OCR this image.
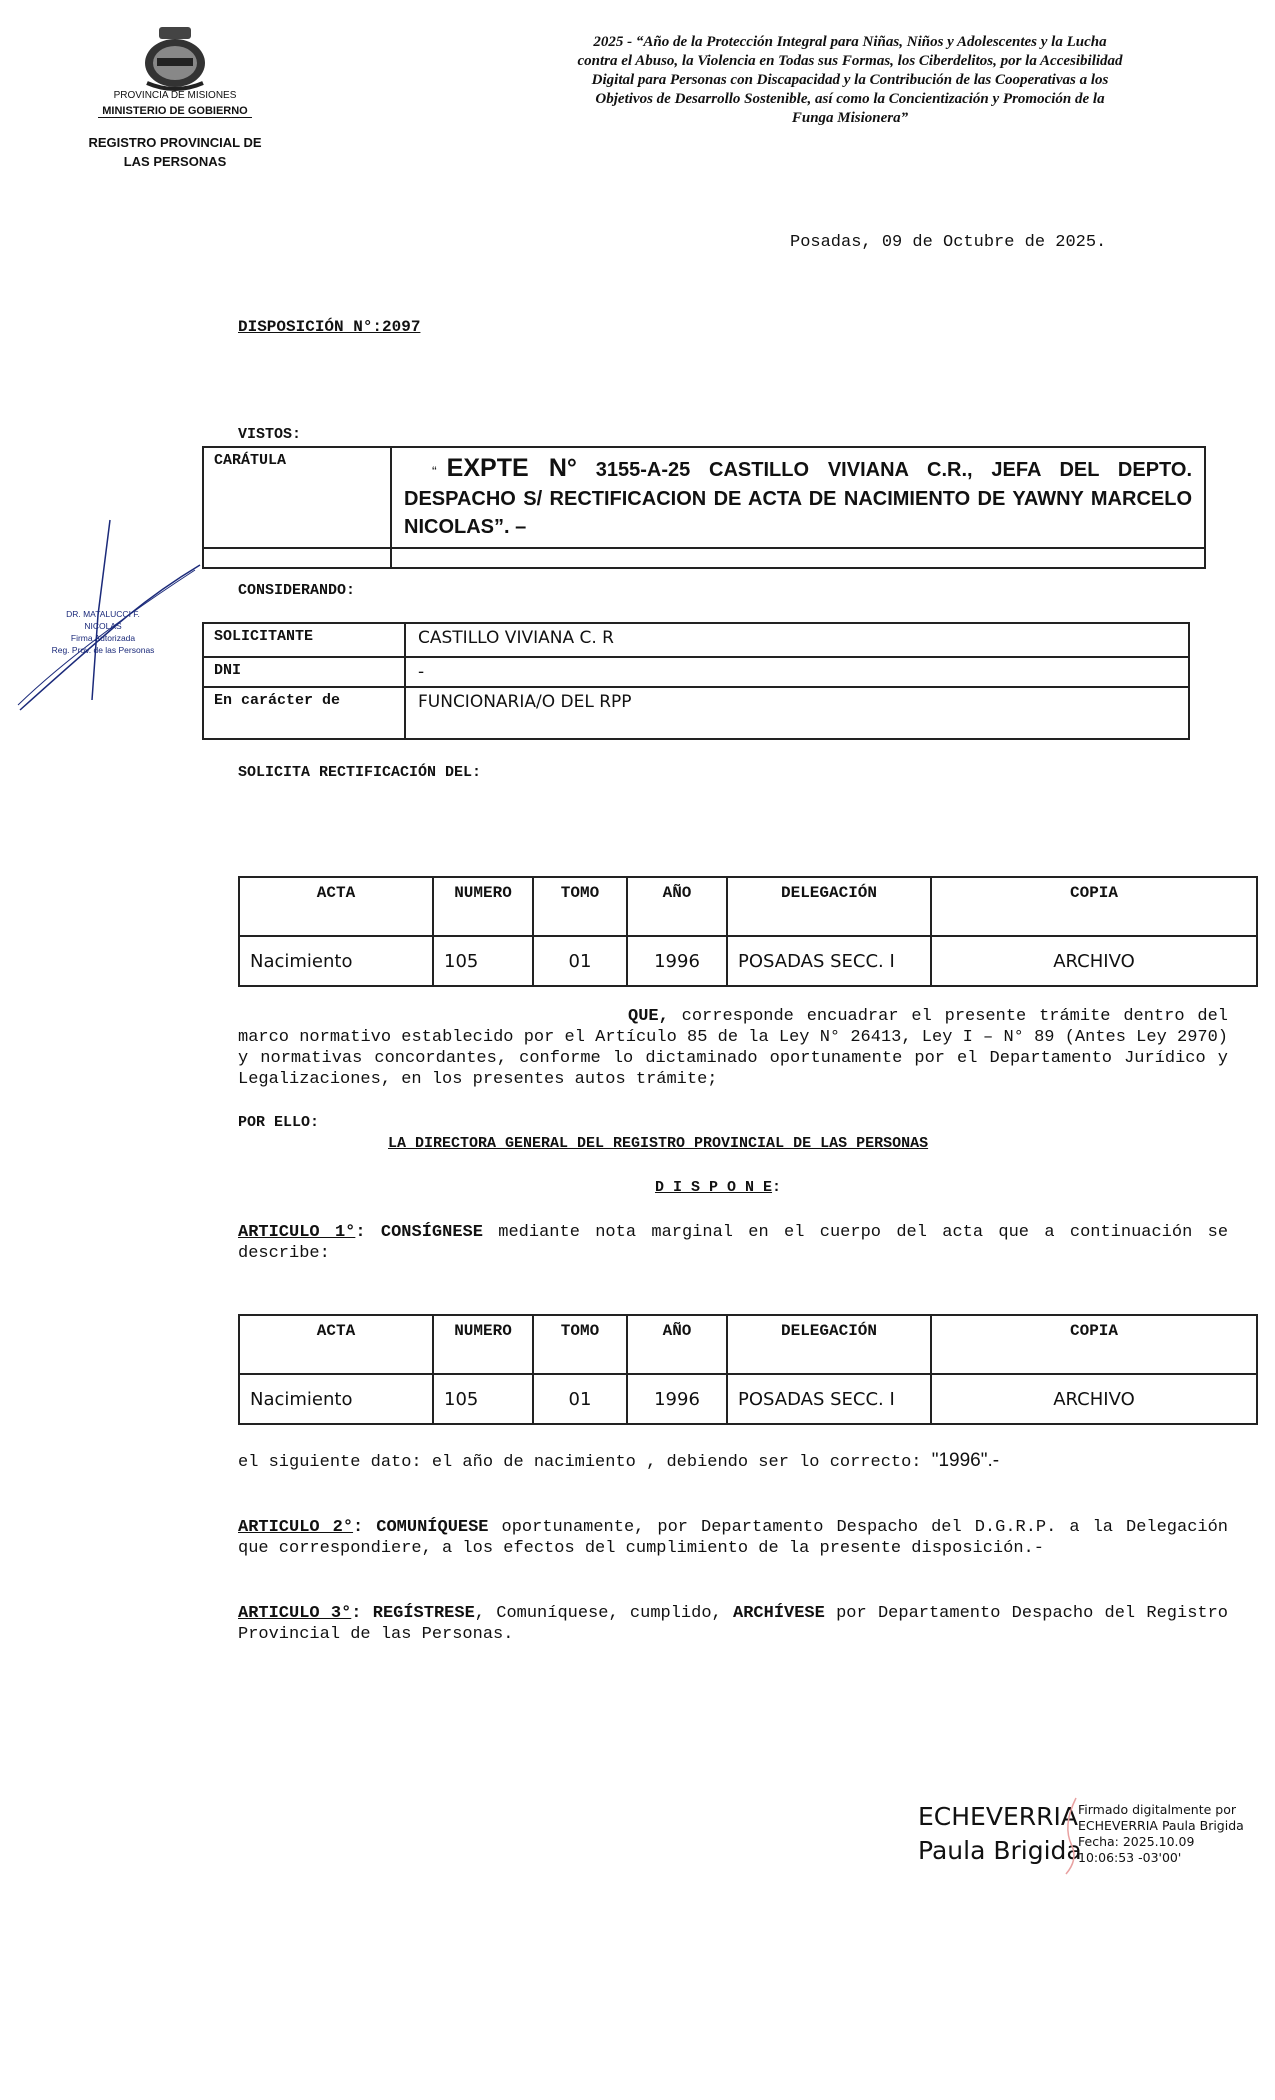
PROVINCIA DE MISIONES
MINISTERIO DE GOBIERNO
REGISTRO PROVINCIAL DE
LAS PERSONAS
2025 - “Año de la Protección Integral para Niñas, Niños y Adolescentes y la Lucha
contra el Abuso, la Violencia en Todas sus Formas, los Ciberdelitos, por la Accesibilidad
Digital para Personas con Discapacidad y la Contribución de las Cooperativas a los
Objetivos de Desarrollo Sostenible, así como la Concientización y Promoción de la
Funga Misionera”
Posadas, 09 de Octubre de 2025.
DISPOSICIÓN N°:2097
VISTOS:
CARÁTULA	“ EXPTE N° 3155-A-25 CASTILLO VIVIANA C.R., JEFA DEL DEPTO. DESPACHO S/ RECTIFICACION DE ACTA DE NACIMIENTO DE YAWNY MARCELO NICOLAS”. –

CONSIDERANDO:
DR. MATALUCCI F. NICOLAS
Firma Autorizada
Reg. Prov. de las Personas
SOLICITANTE	CASTILLO VIVIANA C. R
DNI	-
En carácter de	FUNCIONARIA/O DEL RPP
SOLICITA RECTIFICACIÓN DEL:
ACTA	NUMERO	TOMO	AÑO	DELEGACIÓN	COPIA
Nacimiento	105	01	1996	POSADAS SECC. I	ARCHIVO
QUE, corresponde encuadrar el presente trámite dentro del marco normativo establecido por el Artículo 85 de la Ley N° 26413, Ley I – N° 89 (Antes Ley 2970) y normativas concordantes, conforme lo dictaminado oportunamente por el Departamento Jurídico y Legalizaciones, en los presentes autos trámite;
POR ELLO:
LA DIRECTORA GENERAL DEL REGISTRO PROVINCIAL DE LAS PERSONAS
D I S P O N E:
ARTICULO 1°: CONSÍGNESE mediante nota marginal en el cuerpo del acta que a continuación se describe:
ACTA	NUMERO	TOMO	AÑO	DELEGACIÓN	COPIA
Nacimiento	105	01	1996	POSADAS SECC. I	ARCHIVO
el siguiente dato: el año de nacimiento , debiendo ser lo correcto: "1996".-
ARTICULO 2°: COMUNÍQUESE oportunamente, por Departamento Despacho del D.G.R.P. a la Delegación que correspondiere, a los efectos del cumplimiento de la presente disposición.-
ARTICULO 3°: REGÍSTRESE, Comuníquese, cumplido, ARCHÍVESE por Departamento Despacho del Registro Provincial de las Personas.
ECHEVERRIA
Paula Brigida
Firmado digitalmente por
ECHEVERRIA Paula Brigida
Fecha: 2025.10.09
10:06:53 -03'00'
